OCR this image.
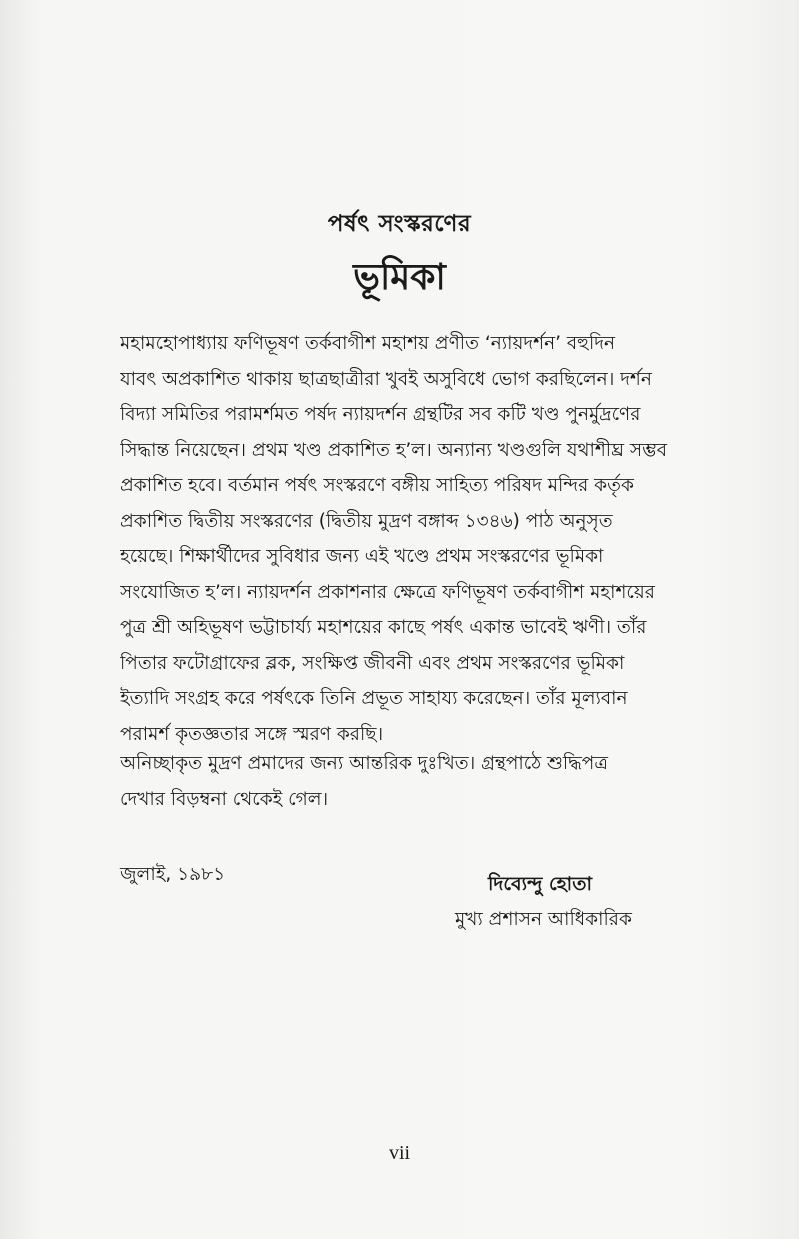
পর্ষৎ সংস্করণের
ভূমিকা
মহামহোপাধ্যায় ফণিভূষণ তর্কবাগীশ মহাশয় প্রণীত ‘ন্যায়দর্শন’ বহুদিন
যাবৎ অপ্রকাশিত থাকায় ছাত্রছাত্রীরা খুবই অসুবিধে ভোগ করছিলেন। দর্শন
বিদ্যা সমিতির পরামর্শমত পর্ষদ ন্যায়দর্শন গ্রন্থটির সব কটি খণ্ড পুনর্মুদ্রণের
সিদ্ধান্ত নিয়েছেন। প্রথম খণ্ড প্রকাশিত হ’ল। অন্যান্য খণ্ডগুলি যথাশীঘ্র সম্ভব
প্রকাশিত হবে। বর্তমান পর্ষৎ সংস্করণে বঙ্গীয় সাহিত্য পরিষদ মন্দির কর্তৃক
প্রকাশিত দ্বিতীয় সংস্করণের (দ্বিতীয় মুদ্রণ বঙ্গাব্দ ১৩৪৬) পাঠ অনুসৃত
হয়েছে। শিক্ষার্থীদের সুবিধার জন্য এই খণ্ডে প্রথম সংস্করণের ভূমিকা
সংযোজিত হ’ল। ন্যায়দর্শন প্রকাশনার ক্ষেত্রে ফণিভূষণ তর্কবাগীশ মহাশয়ের
পুত্র শ্রী অহিভূষণ ভট্টাচার্য্য মহাশয়ের কাছে পর্ষৎ একান্ত ভাবেই ঋণী। তাঁর
পিতার ফটোগ্রাফের ব্লক, সংক্ষিপ্ত জীবনী এবং প্রথম সংস্করণের ভূমিকা
ইত্যাদি সংগ্রহ করে পর্ষৎকে তিনি প্রভূত সাহায্য করেছেন। তাঁর মূল্যবান
পরামর্শ কৃতজ্ঞতার সঙ্গে স্মরণ করছি।
অনিচ্ছাকৃত মুদ্রণ প্রমাদের জন্য আন্তরিক দুঃখিত। গ্রন্থপাঠে শুদ্ধিপত্র
দেখার বিড়ম্বনা থেকেই গেল।
জুলাই, ১৯৮১	দিব্যেন্দু হোতা
মুখ্য প্রশাসন আধিকারিক
vii
